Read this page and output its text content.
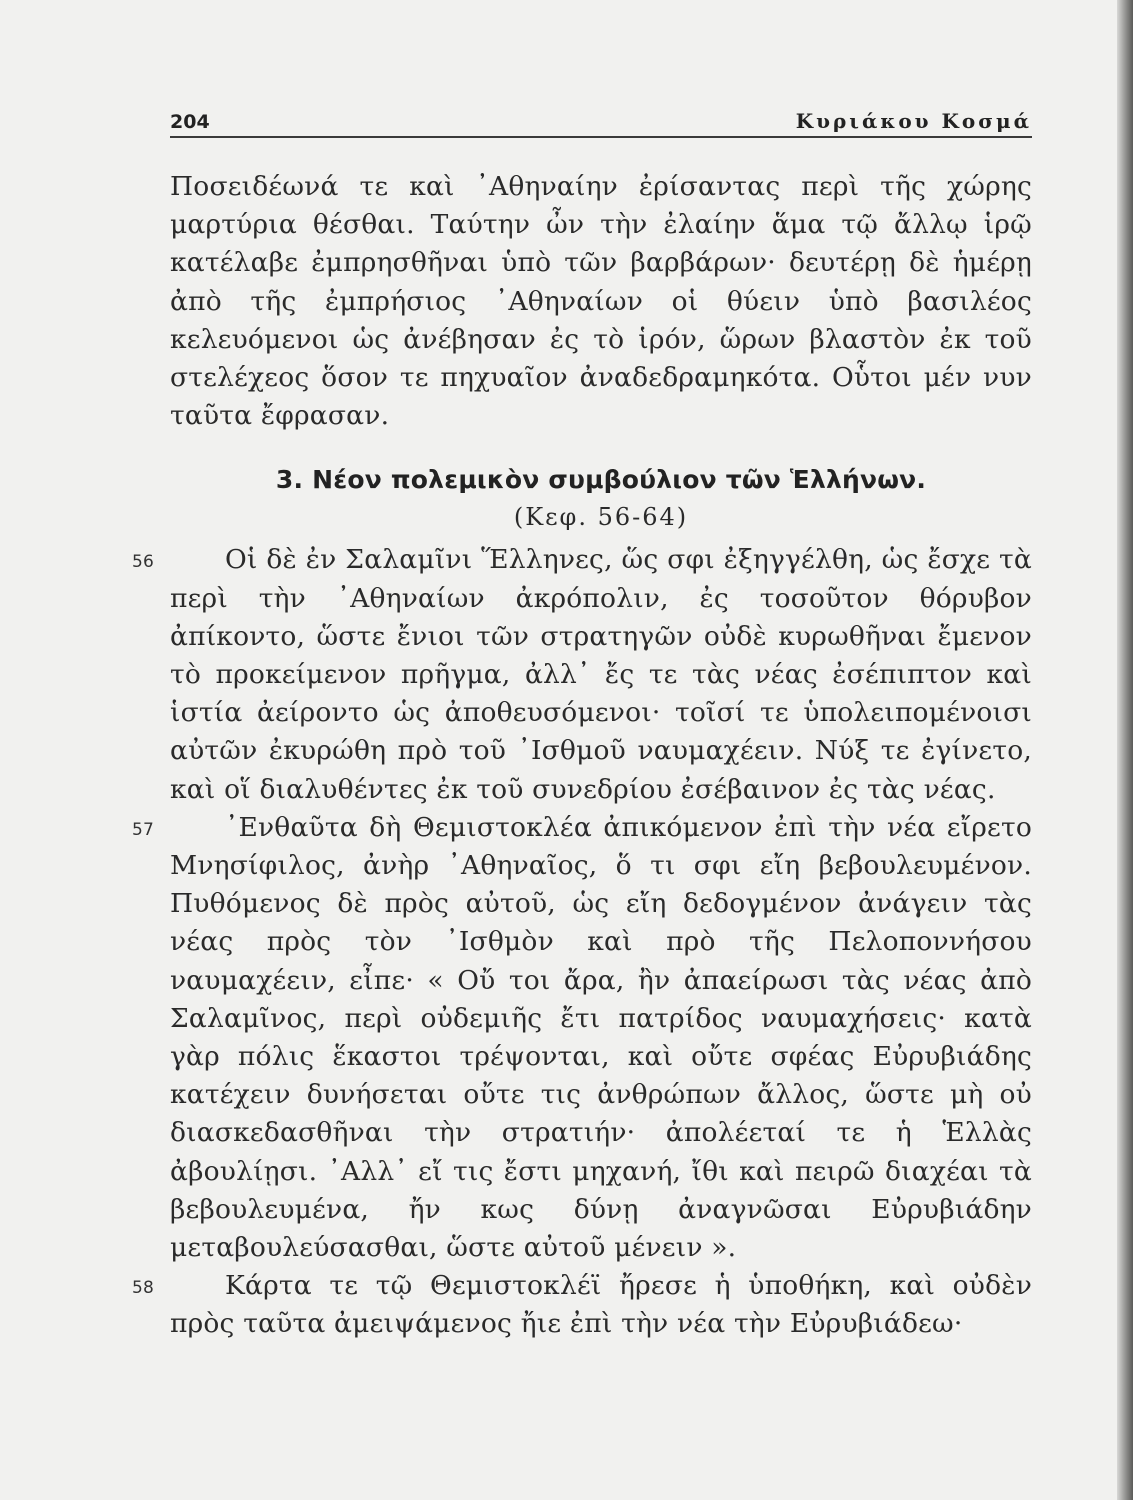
204	Κυριάκου Κοσμά

Ποσειδέωνά τε καὶ ᾿Αθηναίην ἐρίσαντας περὶ τῆς χώρης μαρτύρια θέσθαι. Ταύτην ὦν τὴν ἐλαίην ἅμα τῷ ἄλλῳ ἱρῷ κατέλαβε ἐμπρησθῆναι ὑπὸ τῶν βαρβάρων· δευτέρῃ δὲ ἡμέρῃ ἀπὸ τῆς ἐμπρήσιος ᾿Αθηναίων οἱ θύειν ὑπὸ βασιλέος κελευόμενοι ὡς ἀνέβησαν ἐς τὸ ἱρόν, ὥρων βλαστὸν ἐκ τοῦ στελέχεος ὅσον τε πηχυαῖον ἀναδεδραμηκότα. Οὗτοι μέν νυν ταῦτα ἔφρασαν.

3. Νέον πολεμικὸν συμβούλιον τῶν Ἑλλήνων.
(Κεφ. 56-64)

56	Οἱ δὲ ἐν Σαλαμῖνι Ἕλληνες, ὥς σφι ἐξηγγέλθη, ὡς ἔσχε τὰ περὶ τὴν ᾿Αθηναίων ἀκρόπολιν, ἐς τοσοῦτον θόρυβον ἀπίκοντο, ὥστε ἔνιοι τῶν στρατηγῶν οὐδὲ κυρωθῆναι ἔμενον τὸ προκείμενον πρῆγμα, ἀλλ᾿ ἔς τε τὰς νέας ἐσέπιπτον καὶ ἱστία ἀείροντο ὡς ἀποθευσόμενοι· τοῖσί τε ὑπολειπομένοισι αὐτῶν ἐκυρώθη πρὸ τοῦ ᾿Ισθμοῦ ναυμαχέειν. Νύξ τε ἐγίνετο, καὶ οἵ διαλυθέντες ἐκ τοῦ συνεδρίου ἐσέβαινον ἐς τὰς νέας.

57	᾿Ενθαῦτα δὴ Θεμιστοκλέα ἀπικόμενον ἐπὶ τὴν νέα εἴρετο Μνησίφιλος, ἀνὴρ ᾿Αθηναῖος, ὅ τι σφι εἴη βεβουλευμένον. Πυθόμενος δὲ πρὸς αὐτοῦ, ὡς εἴη δεδογμένον ἀνάγειν τὰς νέας πρὸς τὸν ᾿Ισθμὸν καὶ πρὸ τῆς Πελοποννήσου ναυμαχέειν, εἶπε· « Οὔ τοι ἄρα, ἢν ἀπαείρωσι τὰς νέας ἀπὸ Σαλαμῖνος, περὶ οὐδεμιῆς ἔτι πατρίδος ναυμαχήσεις· κατὰ γὰρ πόλις ἕκαστοι τρέψονται, καὶ οὔτε σφέας Εὐρυβιάδης κατέχειν δυνήσεται οὔτε τις ἀνθρώπων ἄλλος, ὥστε μὴ οὐ διασκεδασθῆναι τὴν στρατιήν· ἀπολέεταί τε ἡ Ἑλλὰς ἀβουλίῃσι. ᾿Αλλ᾿ εἴ τις ἔστι μηχανή, ἴθι καὶ πειρῶ διαχέαι τὰ βεβουλευμένα, ἤν κως δύνῃ ἀναγνῶσαι Εὐρυβιάδην μεταβουλεύσασθαι, ὥστε αὐτοῦ μένειν ».

58	Κάρτα τε τῷ Θεμιστοκλέϊ ἤρεσε ἡ ὑποθήκη, καὶ οὐδὲν πρὸς ταῦτα ἀμειψάμενος ἤιε ἐπὶ τὴν νέα τὴν Εὐρυβιάδεω·
